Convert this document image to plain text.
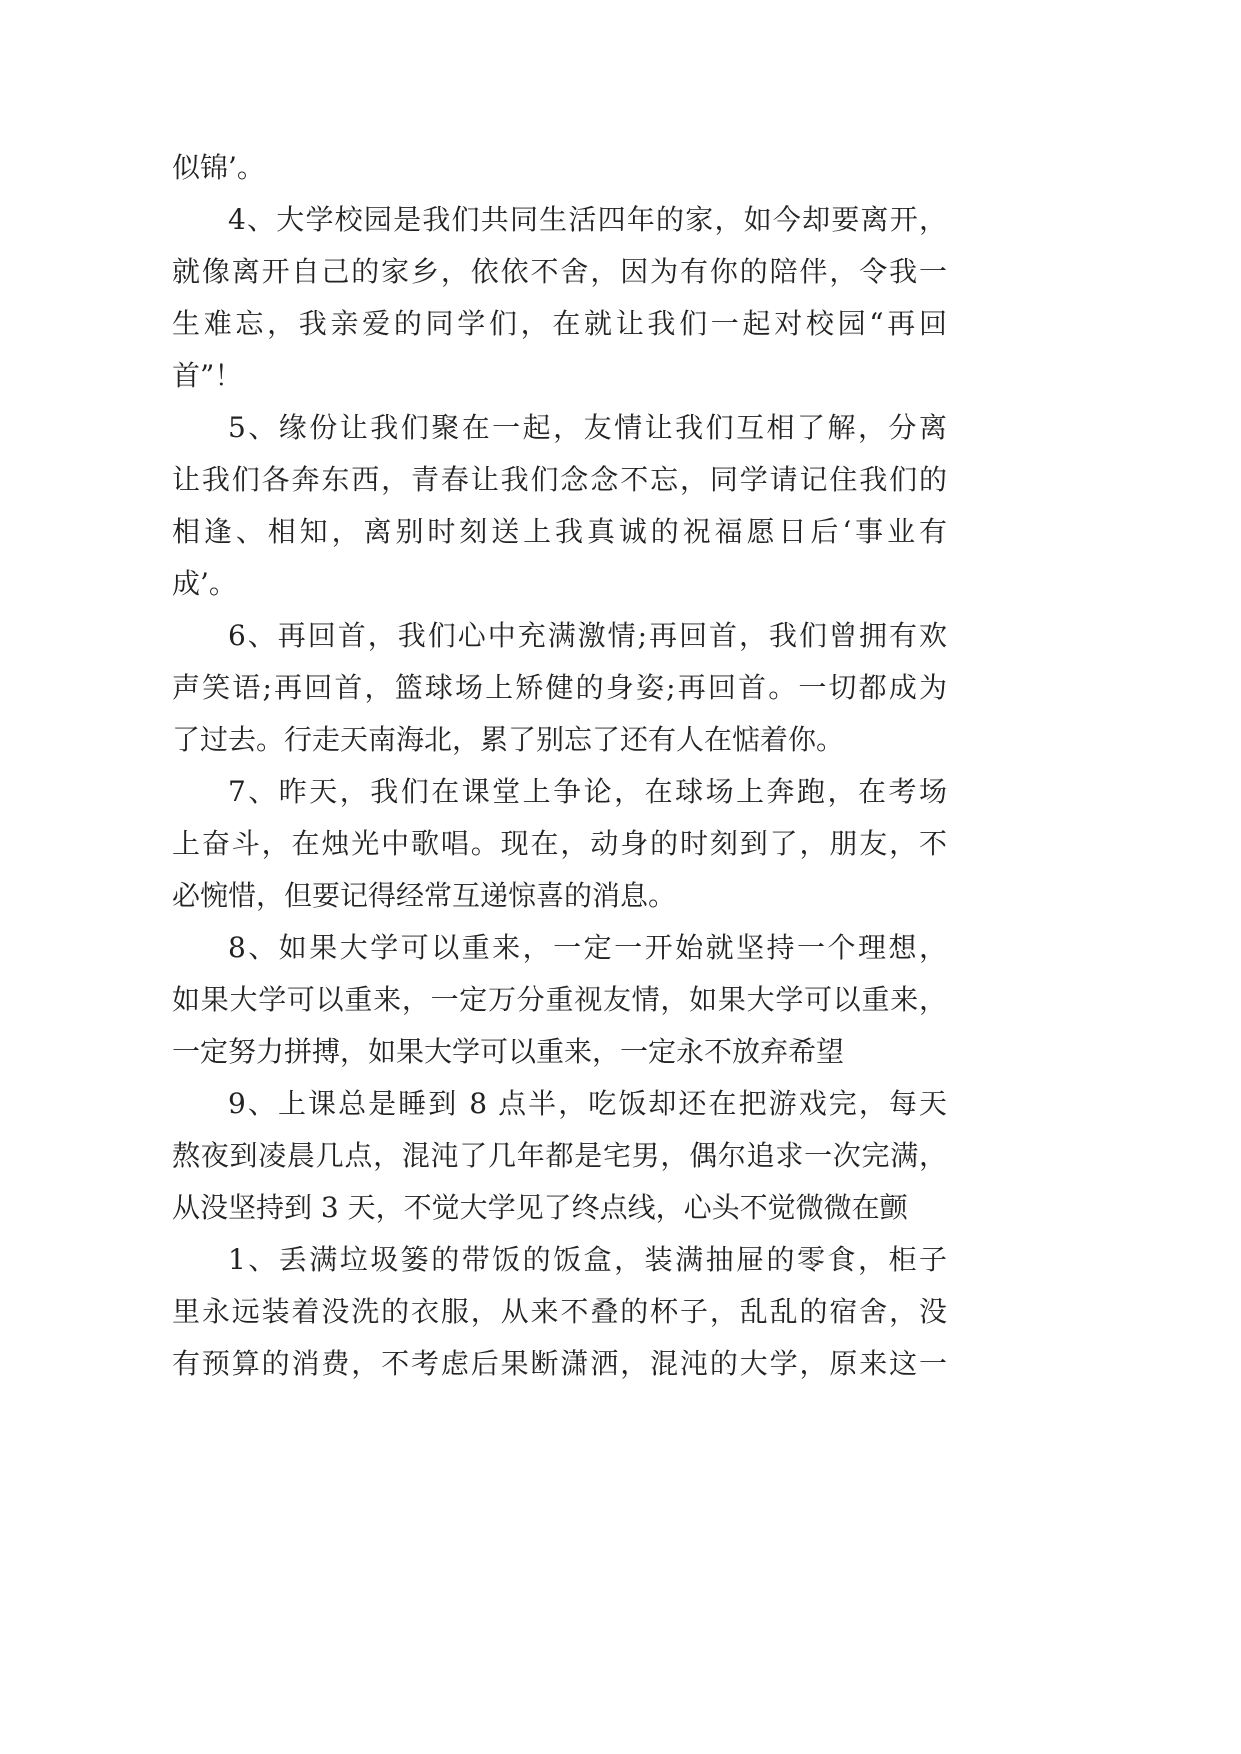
似锦’。
4、大学校园是我们共同生活四年的家，如今却要离开，
就像离开自己的家乡，依依不舍，因为有你的陪伴，令我一
生难忘，我亲爱的同学们，在就让我们一起对校园“再回
首”！
5、缘份让我们聚在一起，友情让我们互相了解，分离
让我们各奔东西，青春让我们念念不忘，同学请记住我们的
相逢、相知，离别时刻送上我真诚的祝福愿日后‘事业有
成’。
6、再回首，我们心中充满激情;再回首，我们曾拥有欢
声笑语;再回首，篮球场上矫健的身姿;再回首。一切都成为
了过去。行走天南海北，累了别忘了还有人在惦着你。
7、昨天，我们在课堂上争论，在球场上奔跑，在考场
上奋斗，在烛光中歌唱。现在，动身的时刻到了，朋友，不
必惋惜，但要记得经常互递惊喜的消息。
8、如果大学可以重来，一定一开始就坚持一个理想，
如果大学可以重来，一定万分重视友情，如果大学可以重来，
一定努力拼搏，如果大学可以重来，一定永不放弃希望
9、上课总是睡到 8 点半，吃饭却还在把游戏完，每天
熬夜到凌晨几点，混沌了几年都是宅男，偶尔追求一次完满，
从没坚持到 3 天，不觉大学见了终点线，心头不觉微微在颤
1、丢满垃圾篓的带饭的饭盒，装满抽屉的零食，柜子
里永远装着没洗的衣服，从来不叠的杯子，乱乱的宿舍，没
有预算的消费，不考虑后果断潇洒，混沌的大学，原来这一
